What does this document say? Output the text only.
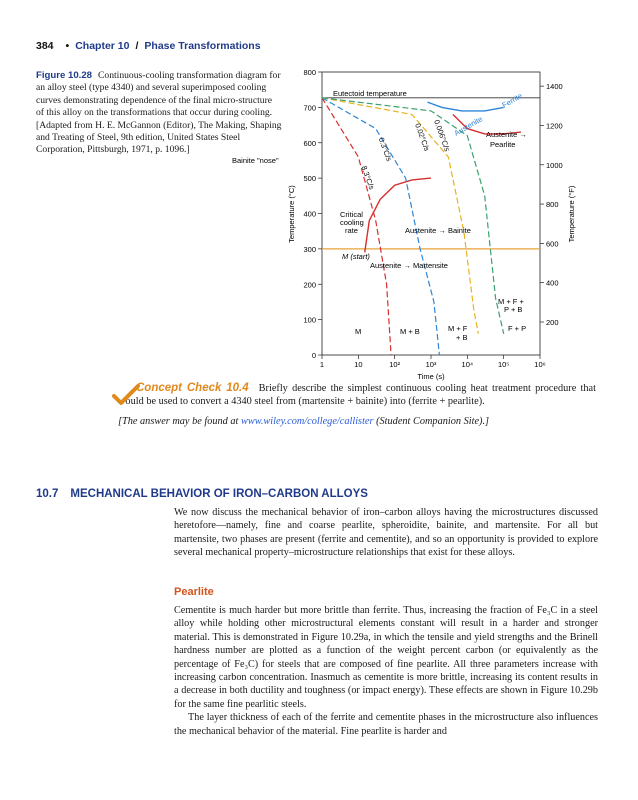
384 • Chapter 10 / Phase Transformations
Figure 10.28 Continuous-cooling transformation diagram for an alloy steel (type 4340) and several superimposed cooling curves demonstrating dependence of the final micro-structure of this alloy on the transformations that occur during cooling.
[Adapted from H. E. McGannon (Editor), The Making, Shaping and Treating of Steel, 9th edition, United States Steel Corporation, Pittsburgh, 1971, p. 1096.]
0
100
200
300
400
500
600
700
800
200
400
600
800
1000
1200
1400
1	10	10²	10³	10⁴	10⁵	10⁶
Time (s)
Temperature (°C)	Temperature (°F)
8.3°C/s
0.3°C/s	0.02°C/s 0.006°C/s
Eutectoid temperature
Austenite
Ferrite
Austenite →
Pearlite
Bainite "nose"
Critical
cooling
rate	Austenite → Bainite
M (start)
Austenite → Martensite
M	M + B	M + F
+ B
M + F +
P + B
F + P

Concept Check 10.4 Briefly describe the simplest continuous cooling heat treatment procedure that would be used to convert a 4340 steel from (martensite + bainite) into (ferrite + pearlite).

[The answer may be found at www.wiley.com/college/callister (Student Companion Site).]

10.7 MECHANICAL BEHAVIOR OF IRON–CARBON ALLOYS
We now discuss the mechanical behavior of iron–carbon alloys having the microstructures discussed heretofore—namely, fine and coarse pearlite, spheroidite, bainite, and martensite. For all but martensite, two phases are present (ferrite and cementite), and so an opportunity is provided to explore several mechanical property–microstructure relationships that exist for these alloys.
Pearlite

Cementite is much harder but more brittle than ferrite. Thus, increasing the fraction of Fe₃C in a steel alloy while holding other microstructural elements constant will result in a harder and stronger material. This is demonstrated in Figure 10.29a, in which the tensile and yield strengths and the Brinell hardness number are plotted as a function of the weight percent carbon (or equivalently as the percentage of Fe₃C) for steels that are composed of fine pearlite. All three parameters increase with increasing carbon concentration. Inasmuch as cementite is more brittle, increasing its content results in a decrease in both ductility and toughness (or impact energy). These effects are shown in Figure 10.29b for the same fine pearlitic steels.

The layer thickness of each of the ferrite and cementite phases in the microstructure also influences the mechanical behavior of the material. Fine pearlite is harder and
